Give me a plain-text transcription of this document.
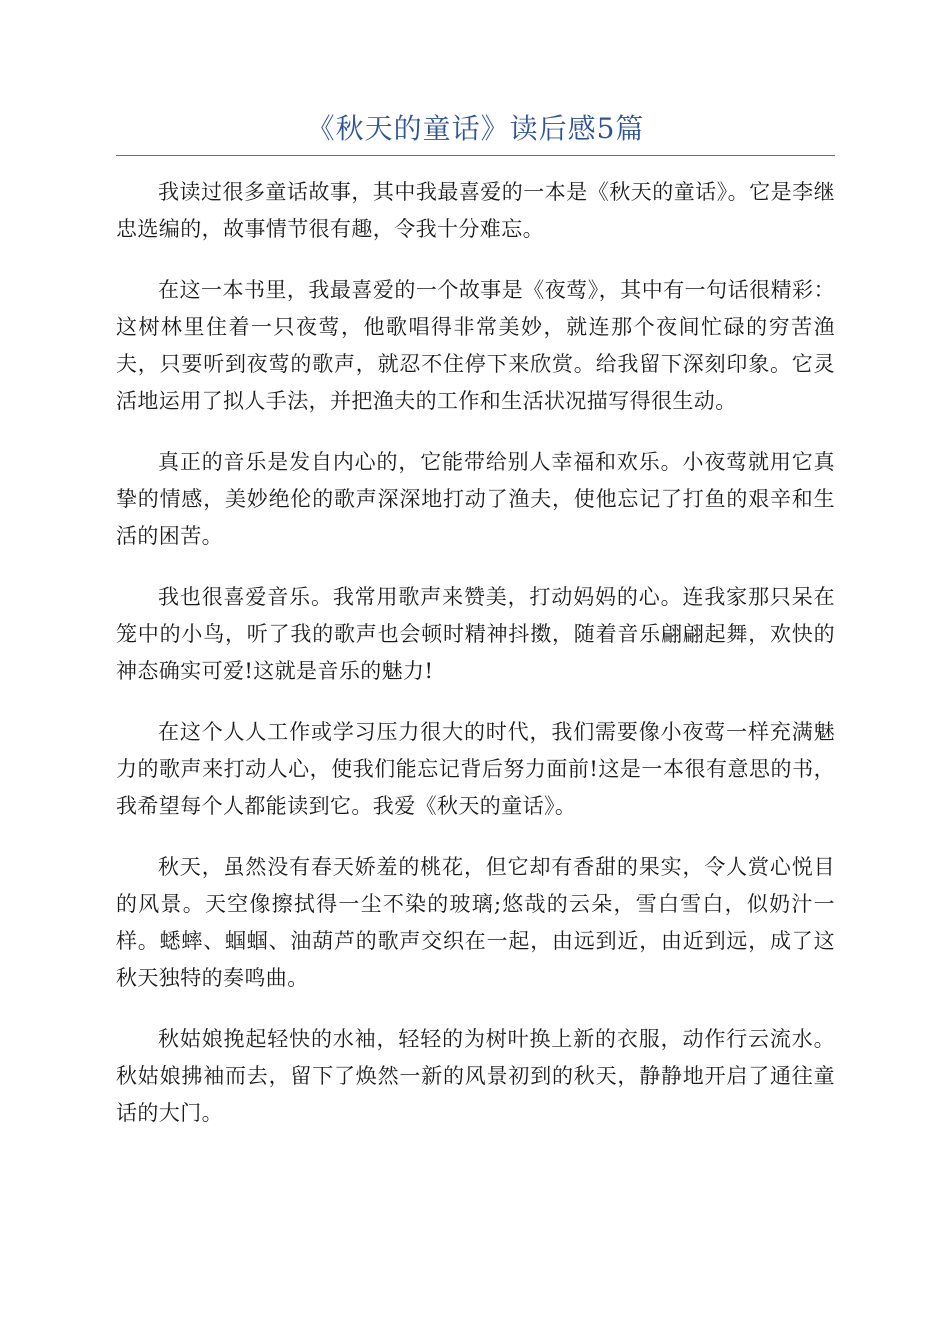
《秋天的童话》读后感5篇

我读过很多童话故事，其中我最喜爱的一本是《秋天的童话》。它是李继忠选编的，故事情节很有趣，令我十分难忘。

在这一本书里，我最喜爱的一个故事是《夜莺》，其中有一句话很精彩：这树林里住着一只夜莺，他歌唱得非常美妙，就连那个夜间忙碌的穷苦渔夫，只要听到夜莺的歌声，就忍不住停下来欣赏。给我留下深刻印象。它灵活地运用了拟人手法，并把渔夫的工作和生活状况描写得很生动。

真正的音乐是发自内心的，它能带给别人幸福和欢乐。小夜莺就用它真挚的情感，美妙绝伦的歌声深深地打动了渔夫，使他忘记了打鱼的艰辛和生活的困苦。

我也很喜爱音乐。我常用歌声来赞美，打动妈妈的心。连我家那只呆在笼中的小鸟，听了我的歌声也会顿时精神抖擞，随着音乐翩翩起舞，欢快的神态确实可爱!这就是音乐的魅力!

在这个人人工作或学习压力很大的时代，我们需要像小夜莺一样充满魅力的歌声来打动人心，使我们能忘记背后努力面前!这是一本很有意思的书，我希望每个人都能读到它。我爱《秋天的童话》。

秋天，虽然没有春天娇羞的桃花，但它却有香甜的果实，令人赏心悦目的风景。天空像擦拭得一尘不染的玻璃;悠哉的云朵，雪白雪白，似奶汁一样。蟋蟀、蝈蝈、油葫芦的歌声交织在一起，由远到近，由近到远，成了这秋天独特的奏鸣曲。

秋姑娘挽起轻快的水袖，轻轻的为树叶换上新的衣服，动作行云流水。秋姑娘拂袖而去，留下了焕然一新的风景初到的秋天，静静地开启了通往童话的大门。
